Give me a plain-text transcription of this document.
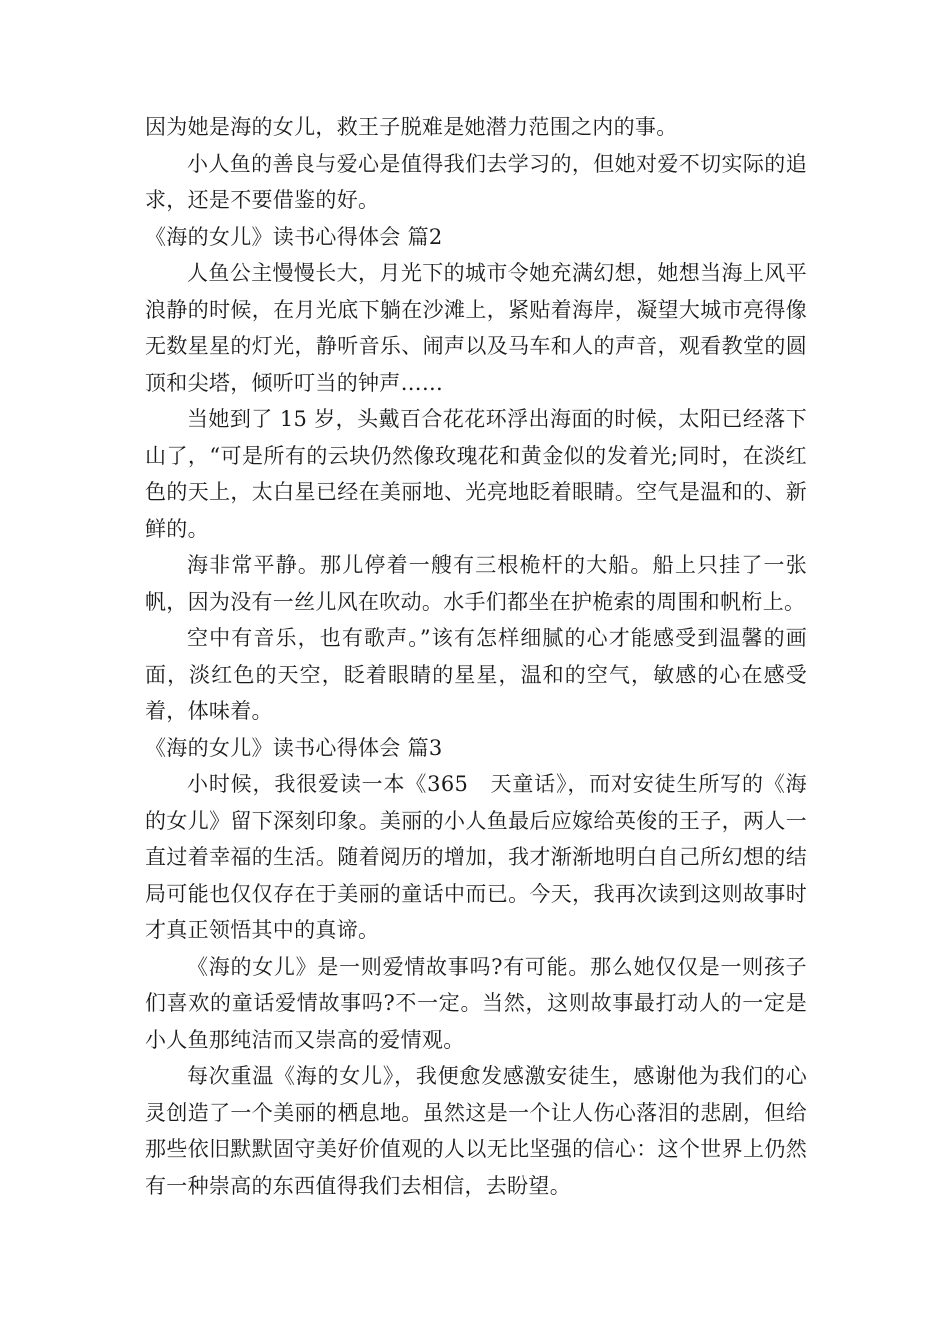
因为她是海的女儿，救王子脱难是她潜力范围之内的事。

小人鱼的善良与爱心是值得我们去学习的，但她对爱不切实际的追求，还是不要借鉴的好。

《海的女儿》读书心得体会 篇2

人鱼公主慢慢长大，月光下的城市令她充满幻想，她想当海上风平浪静的时候，在月光底下躺在沙滩上，紧贴着海岸，凝望大城市亮得像无数星星的灯光，静听音乐、闹声以及马车和人的声音，观看教堂的圆顶和尖塔，倾听叮当的钟声……

当她到了 15 岁，头戴百合花花环浮出海面的时候，太阳已经落下山了，“可是所有的云块仍然像玫瑰花和黄金似的发着光;同时，在淡红色的天上，太白星已经在美丽地、光亮地眨着眼睛。空气是温和的、新鲜的。

海非常平静。那儿停着一艘有三根桅杆的大船。船上只挂了一张帆，因为没有一丝儿风在吹动。水手们都坐在护桅索的周围和帆桁上。

空中有音乐，也有歌声。”该有怎样细腻的心才能感受到温馨的画面，淡红色的天空，眨着眼睛的星星，温和的空气，敏感的心在感受着，体味着。

《海的女儿》读书心得体会 篇3

小时候，我很爱读一本《365　天童话》，而对安徒生所写的《海的女儿》留下深刻印象。美丽的小人鱼最后应嫁给英俊的王子，两人一直过着幸福的生活。随着阅历的增加，我才渐渐地明白自己所幻想的结局可能也仅仅存在于美丽的童话中而已。今天，我再次读到这则故事时才真正领悟其中的真谛。

《海的女儿》是一则爱情故事吗?有可能。那么她仅仅是一则孩子们喜欢的童话爱情故事吗?不一定。当然，这则故事最打动人的一定是小人鱼那纯洁而又崇高的爱情观。

每次重温《海的女儿》，我便愈发感激安徒生，感谢他为我们的心灵创造了一个美丽的栖息地。虽然这是一个让人伤心落泪的悲剧，但给那些依旧默默固守美好价值观的人以无比坚强的信心：这个世界上仍然有一种崇高的东西值得我们去相信，去盼望。
